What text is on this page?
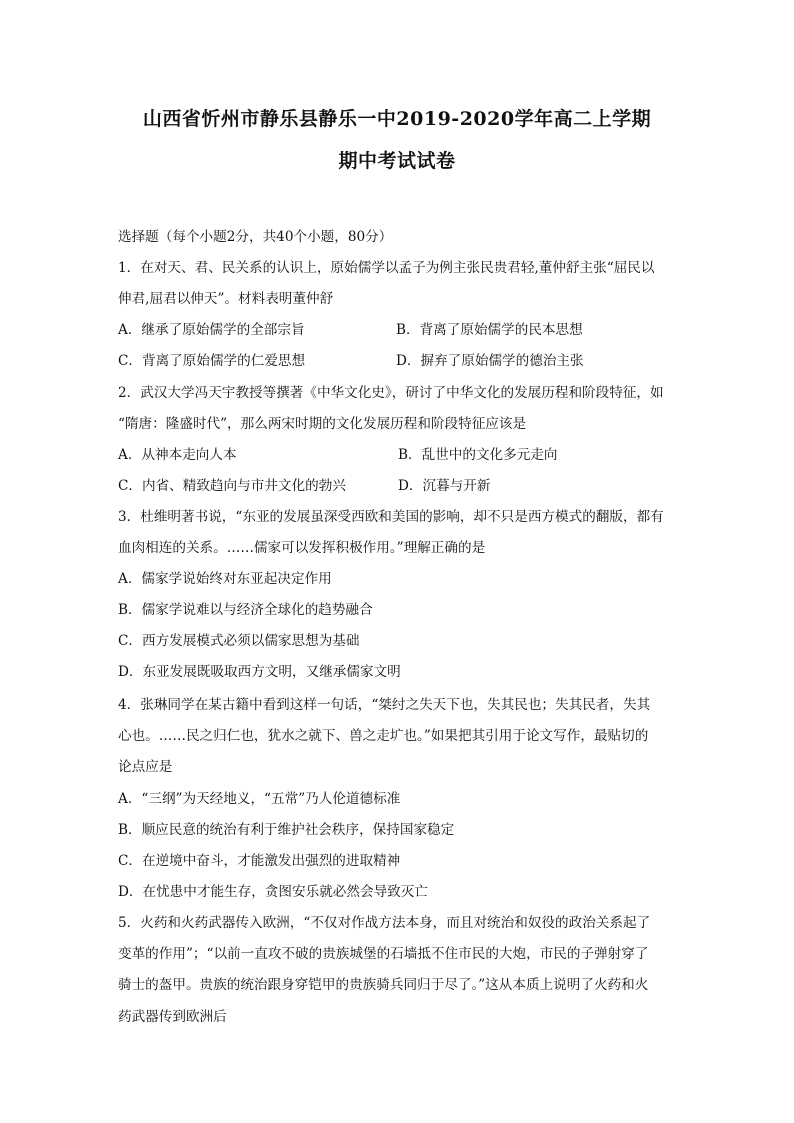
山西省忻州市静乐县静乐一中2019-2020学年高二上学期
期中考试试卷
选择题（每个小题2分，共40个小题，80分）
1．在对天、君、民关系的认识上，原始儒学以孟子为例主张民贵君轻,董仲舒主张“屈民以
伸君,屈君以伸天”。材料表明董仲舒
A．继承了原始儒学的全部宗旨	B．背离了原始儒学的民本思想
C．背离了原始儒学的仁爱思想	D．摒弃了原始儒学的德治主张
2．武汉大学冯天宇教授等撰著《中华文化史》，研讨了中华文化的发展历程和阶段特征，如
“隋唐：隆盛时代”，那么两宋时期的文化发展历程和阶段特征应该是
A．从神本走向人本	B．乱世中的文化多元走向
C．内省、精致趋向与市井文化的勃兴	D．沉暮与开新
3．杜维明著书说，“东亚的发展虽深受西欧和美国的影响，却不只是西方模式的翻版，都有
血肉相连的关系。……儒家可以发挥积极作用。”理解正确的是
A．儒家学说始终对东亚起决定作用
B．儒家学说难以与经济全球化的趋势融合
C．西方发展模式必须以儒家思想为基础
D．东亚发展既吸取西方文明，又继承儒家文明
4．张琳同学在某古籍中看到这样一句话，“桀纣之失天下也，失其民也；失其民者，失其
心也。……民之归仁也，犹水之就下、兽之走圹也。”如果把其引用于论文写作，最贴切的
论点应是
A．“三纲”为天经地义，“五常”乃人伦道德标准
B．顺应民意的统治有利于维护社会秩序，保持国家稳定
C．在逆境中奋斗，才能激发出强烈的进取精神
D．在忧患中才能生存，贪图安乐就必然会导致灭亡
5．火药和火药武器传入欧洲，“不仅对作战方法本身，而且对统治和奴役的政治关系起了
变革的作用”；“以前一直攻不破的贵族城堡的石墙抵不住市民的大炮，市民的子弹射穿了
骑士的盔甲。贵族的统治跟身穿铠甲的贵族骑兵同归于尽了。”这从本质上说明了火药和火
药武器传到欧洲后
